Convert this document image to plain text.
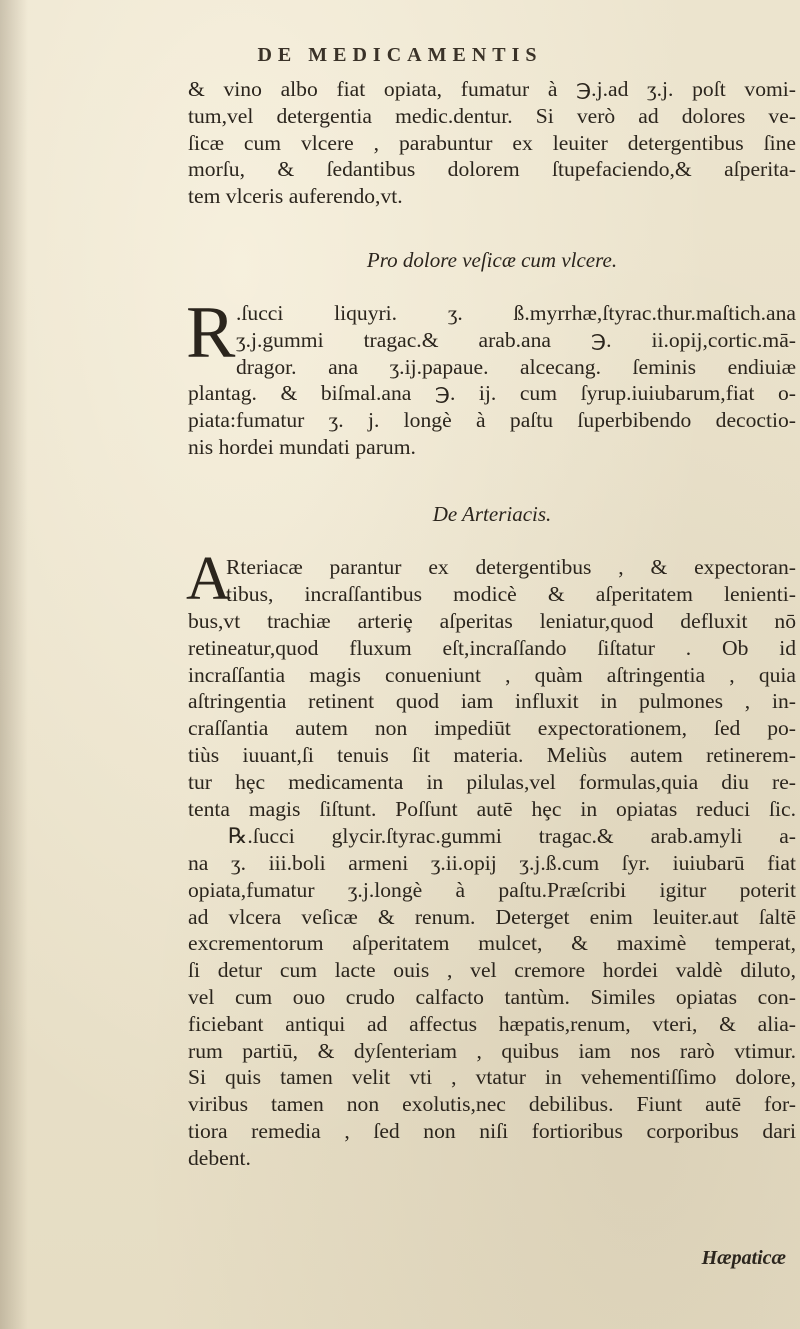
DE MEDICAMENTIS
& vino albo fiat opiata, fumatur à ℈.j.ad ʒ.j. poſt vomi-
tum,vel detergentia medic.dentur. Si verò ad dolores ve-
ſicæ cum vlcere , parabuntur ex leuiter detergentibus ſine
morſu, & ſedantibus dolorem ſtupefaciendo,& aſperita-
tem vlceris auferendo,vt.
Pro dolore veſicæ cum vlcere.
R .ſucci liquyri. ʒ. ß.myrrhæ,ſtyrac.thur.maſtich.ana
ʒ.j.gummi tragac.& arab.ana ℈. ii.opij,cortic.mā-
dragor. ana ʒ.ij.papaue. alcecang. ſeminis endiuiæ
plantag. & biſmal.ana ℈. ij. cum ſyrup.iuiubarum,fiat o-
piata:fumatur ʒ. j. longè à paſtu ſuperbibendo decoctio-
nis hordei mundati parum.
De Arteriacis.
A
Rteriacæ parantur ex detergentibus , & expectoran-
tibus, incraſſantibus modicè & aſperitatem lenienti-
bus,vt trachiæ arteriȩ aſperitas leniatur,quod defluxit nō
retineatur,quod fluxum eſt,incraſſando ſiſtatur . Ob id
incraſſantia magis conueniunt , quàm aſtringentia , quia
aſtringentia retinent quod iam influxit in pulmones , in-
craſſantia autem non impediūt expectorationem, ſed po-
tiùs iuuant,ſi tenuis ſit materia. Meliùs autem retinerem-
tur hȩc medicamenta in pilulas,vel formulas,quia diu re-
tenta magis ſiſtunt. Poſſunt autē hȩc in opiatas reduci ſic.
℞.ſucci glycir.ſtyrac.gummi tragac.& arab.amyli a-
na ʒ. iii.boli armeni ʒ.ii.opij ʒ.j.ß.cum ſyr. iuiubarū fiat
opiata,fumatur ʒ.j.longè à paſtu.Præſcribi igitur poterit
ad vlcera veſicæ & renum. Deterget enim leuiter.aut ſaltē
excrementorum aſperitatem mulcet, & maximè temperat,
ſi detur cum lacte ouis , vel cremore hordei valdè diluto,
vel cum ouo crudo calfacto tantùm. Similes opiatas con-
ficiebant antiqui ad affectus hæpatis,renum, vteri, & alia-
rum partiū, & dyſenteriam , quibus iam nos rarò vtimur.
Si quis tamen velit vti , vtatur in vehementiſſimo dolore,
viribus tamen non exolutis,nec debilibus. Fiunt autē for-
tiora remedia , ſed non niſi fortioribus corporibus dari
debent.
Hæpaticæ
